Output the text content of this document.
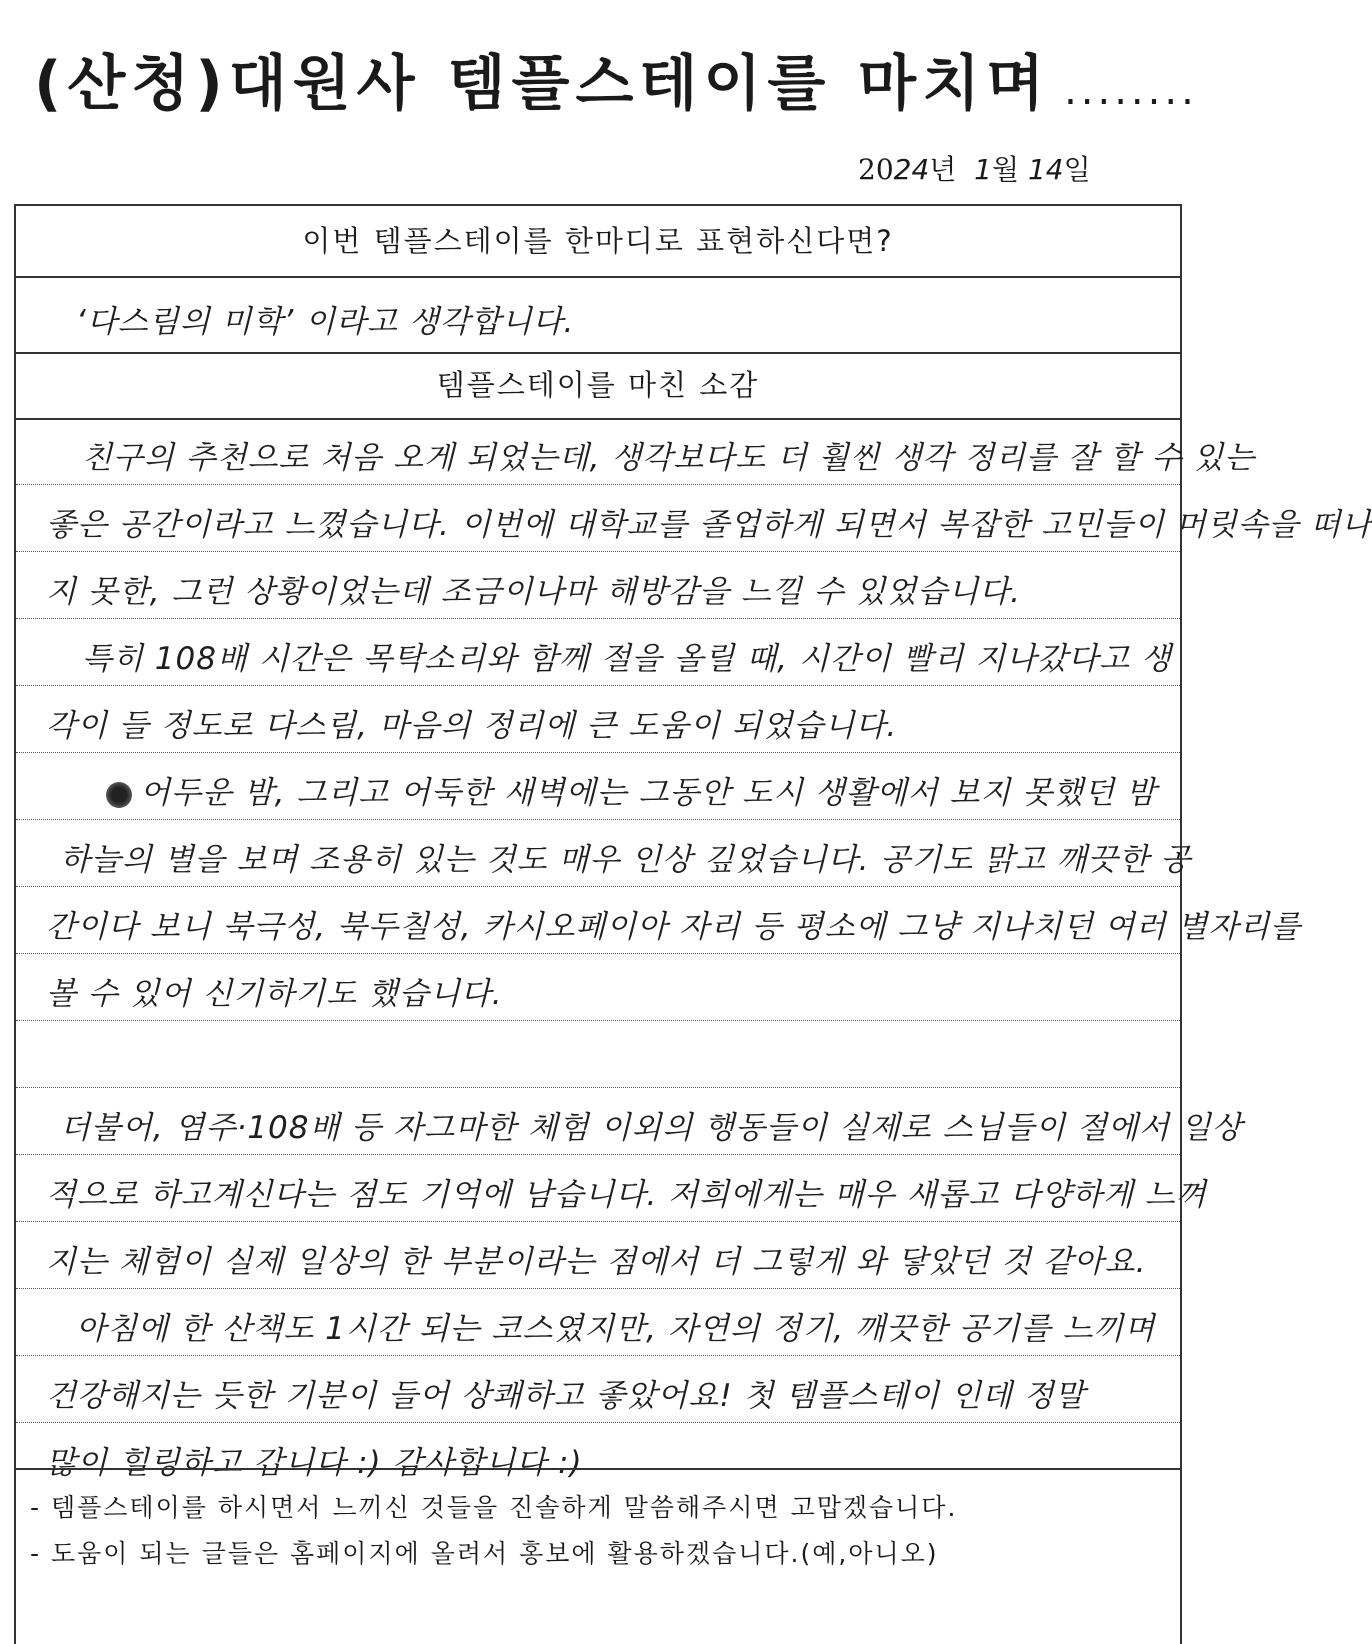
(산청)대원사 템플스테이를 마치며 ........
2024년 1월 14일
이번 템플스테이를 한마디로 표현하신다면?
‘다스림의 미학’ 이라고 생각합니다.
템플스테이를 마친 소감
친구의 추천으로 처음 오게 되었는데, 생각보다도 더 훨씬 생각 정리를 잘 할 수 있는
좋은 공간이라고 느꼈습니다. 이번에 대학교를 졸업하게 되면서 복잡한 고민들이 머릿속을 떠나
지 못한, 그런 상황이었는데 조금이나마 해방감을 느낄 수 있었습니다.
특히 108배 시간은 목탁소리와 함께 절을 올릴 때, 시간이 빨리 지나갔다고 생
각이 들 정도로 다스림, 마음의 정리에 큰 도움이 되었습니다.
어두운 밤, 그리고 어둑한 새벽에는 그동안 도시 생활에서 보지 못했던 밤
하늘의 별을 보며 조용히 있는 것도 매우 인상 깊었습니다. 공기도 맑고 깨끗한 공
간이다 보니 북극성, 북두칠성, 카시오페이아 자리 등 평소에 그냥 지나치던 여러 별자리를
볼 수 있어 신기하기도 했습니다.
더불어, 염주·108배 등 자그마한 체험 이외의 행동들이 실제로 스님들이 절에서 일상
적으로 하고계신다는 점도 기억에 남습니다. 저희에게는 매우 새롭고 다양하게 느껴
지는 체험이 실제 일상의 한 부분이라는 점에서 더 그렇게 와 닿았던 것 같아요.
아침에 한 산책도 1시간 되는 코스였지만, 자연의 정기, 깨끗한 공기를 느끼며
건강해지는 듯한 기분이 들어 상쾌하고 좋았어요! 첫 템플스테이 인데 정말
많이 힐링하고 갑니다 :) 감사합니다 :)

- 템플스테이를 하시면서 느끼신 것들을 진솔하게 말씀해주시면 고맙겠습니다.

- 도움이 되는 글들은 홈페이지에 올려서 홍보에 활용하겠습니다.(예,아니오)
